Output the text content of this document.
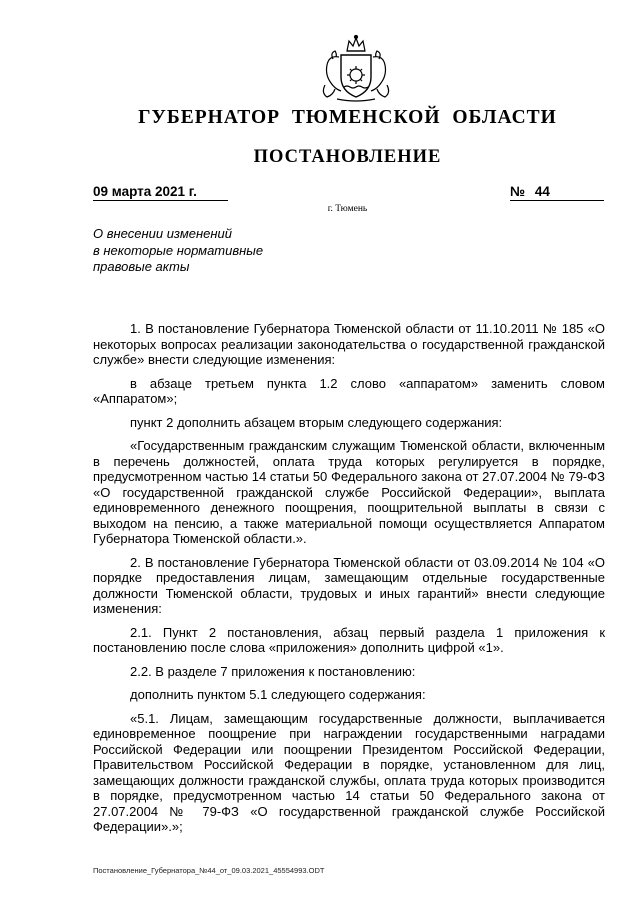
ГУБЕРНАТОР ТЮМЕНСКОЙ ОБЛАСТИ
ПОСТАНОВЛЕНИЕ
09 марта 2021 г.	№ 44
г. Тюмень
О внесении изменений
в некоторые нормативные
правовые акты

1. В постановление Губернатора Тюменской области от 11.10.2011 № 185 «О некоторых вопросах реализации законодательства о государственной гражданской службе» внести следующие изменения:

в абзаце третьем пункта 1.2 слово «аппаратом» заменить словом «Аппаратом»;

пункт 2 дополнить абзацем вторым следующего содержания:

«Государственным гражданским служащим Тюменской области, включенным в перечень должностей, оплата труда которых регулируется в порядке, предусмотренном частью 14 статьи 50 Федерального закона от 27.07.2004 № 79-ФЗ «О государственной гражданской службе Российской Федерации», выплата единовременного денежного поощрения, поощрительной выплаты в связи с выходом на пенсию, а также материальной помощи осуществляется Аппаратом Губернатора Тюменской области.».

2. В постановление Губернатора Тюменской области от 03.09.2014 № 104 «О порядке предоставления лицам, замещающим отдельные государственные должности Тюменской области, трудовых и иных гарантий» внести следующие изменения:

2.1. Пункт 2 постановления, абзац первый раздела 1 приложения к постановлению после слова «приложения» дополнить цифрой «1».

2.2. В разделе 7 приложения к постановлению:

дополнить пунктом 5.1 следующего содержания:

«5.1. Лицам, замещающим государственные должности, выплачивается единовременное поощрение при награждении государственными наградами Российской Федерации или поощрении Президентом Российской Федерации, Правительством Российской Федерации в порядке, установленном для лиц, замещающих должности гражданской службы, оплата труда которых производится в порядке, предусмотренном частью 14 статьи 50 Федерального закона от 27.07.2004 № 79-ФЗ «О государственной гражданской службе Российской Федерации».»;

Постановление_Губернатора_№44_от_09.03.2021_45554993.ODT
